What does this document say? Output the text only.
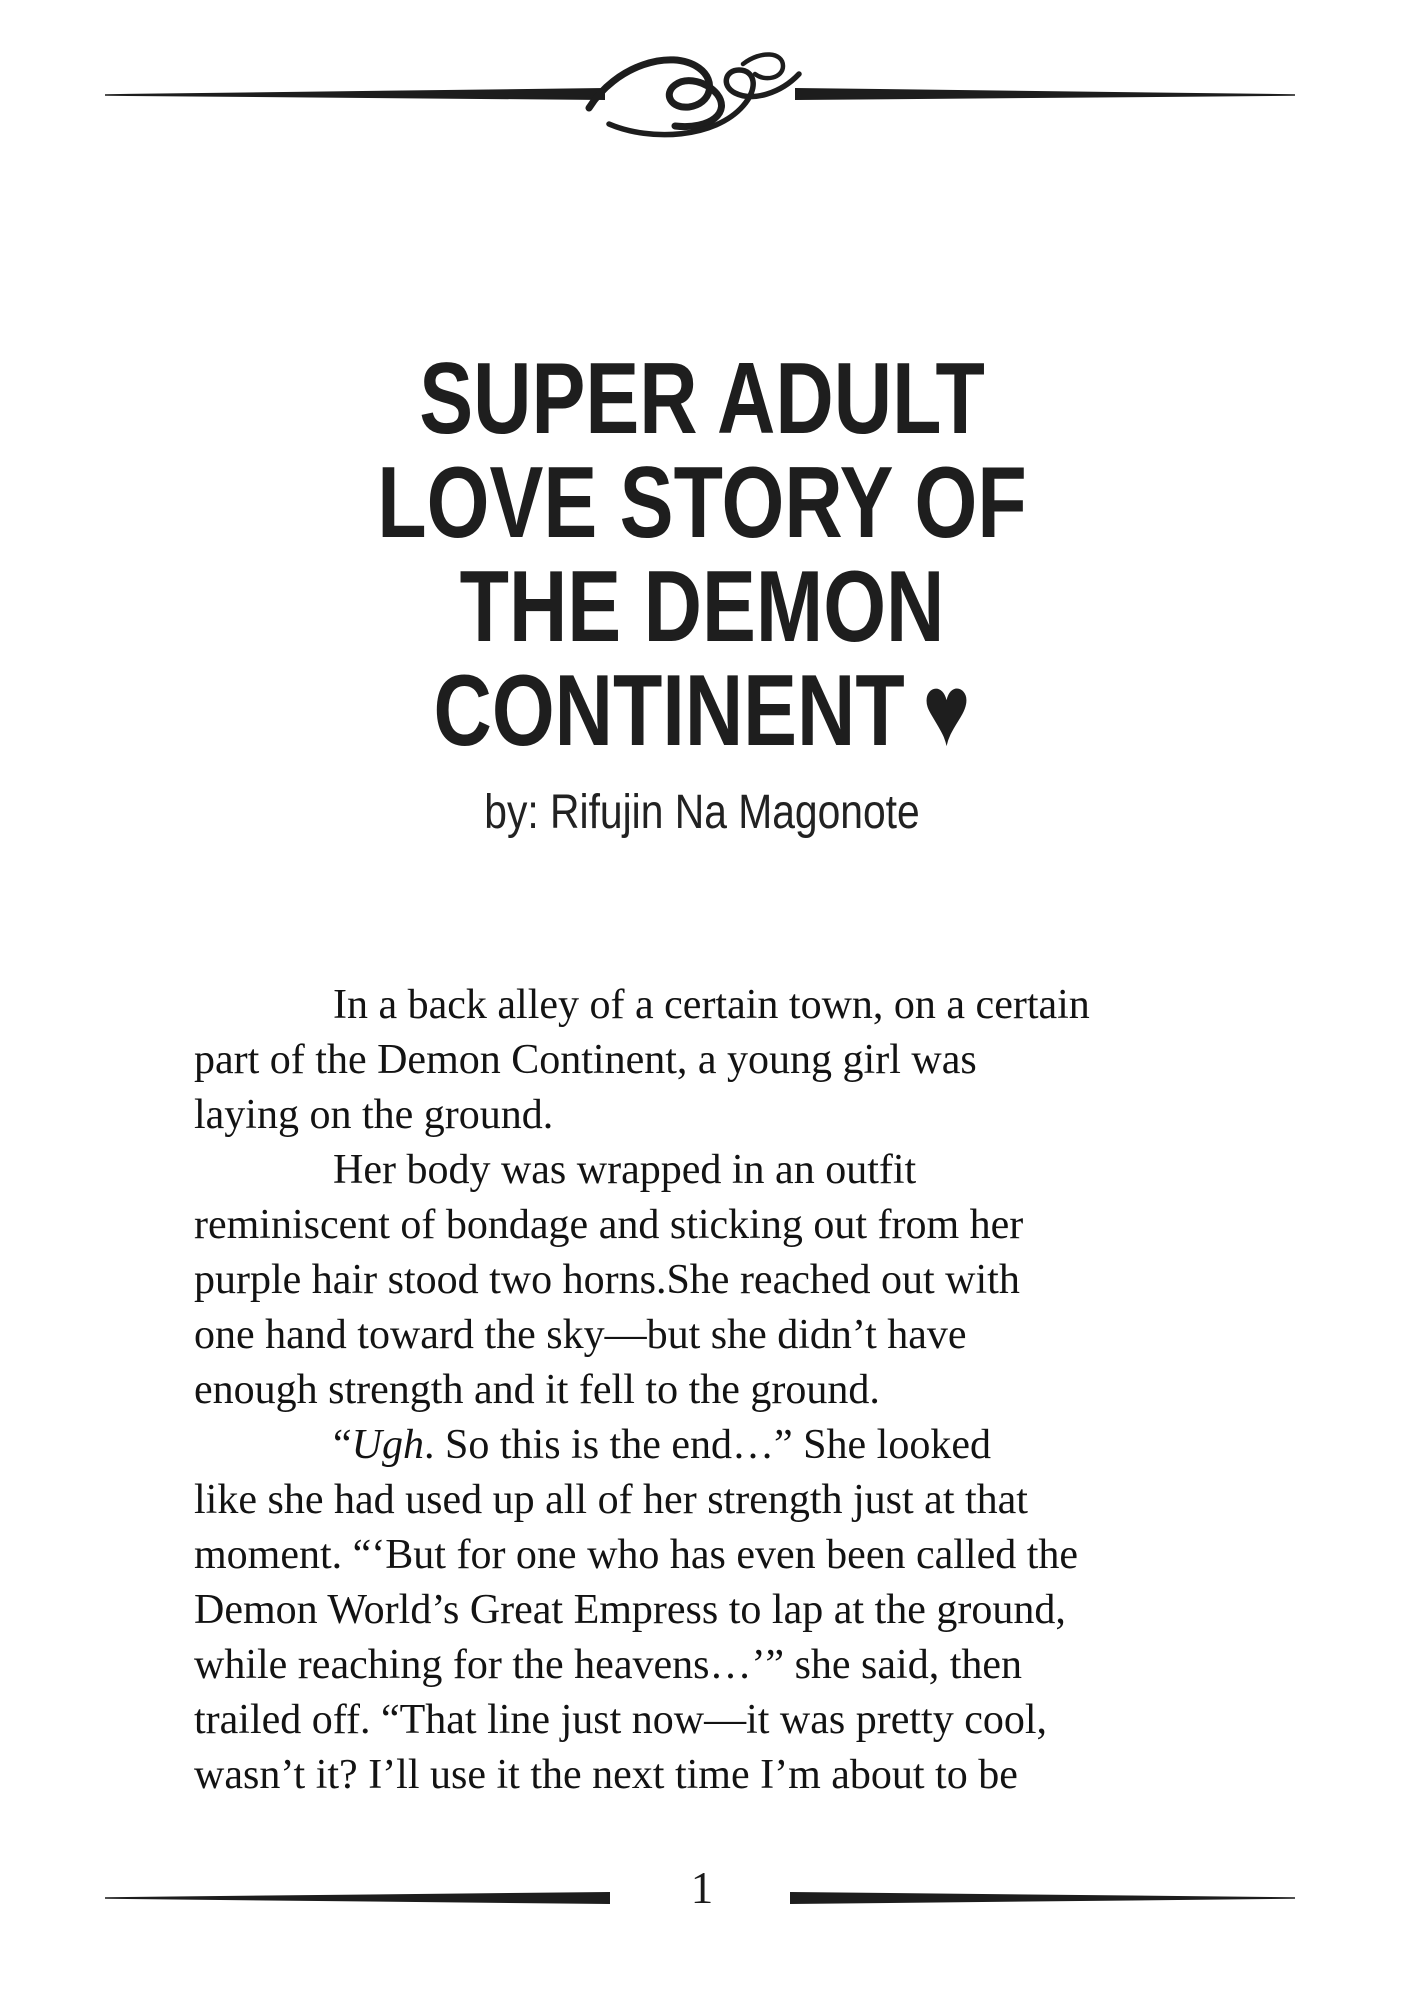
SUPER ADULT
LOVE STORY OF
THE DEMON
CONTINENT ♥
by: Rifujin Na Magonote
In a back alley of a certain town, on a certain
part of the Demon Continent, a young girl was
laying on the ground.
Her body was wrapped in an outfit
reminiscent of bondage and sticking out from her
purple hair stood two horns.She reached out with
one hand toward the sky—but she didn’t have
enough strength and it fell to the ground.
“Ugh. So this is the end…” She looked
like she had used up all of her strength just at that
moment. “‘But for one who has even been called the
Demon World’s Great Empress to lap at the ground,
while reaching for the heavens…’” she said, then
trailed off. “That line just now—it was pretty cool,
wasn’t it? I’ll use it the next time I’m about to be
1
